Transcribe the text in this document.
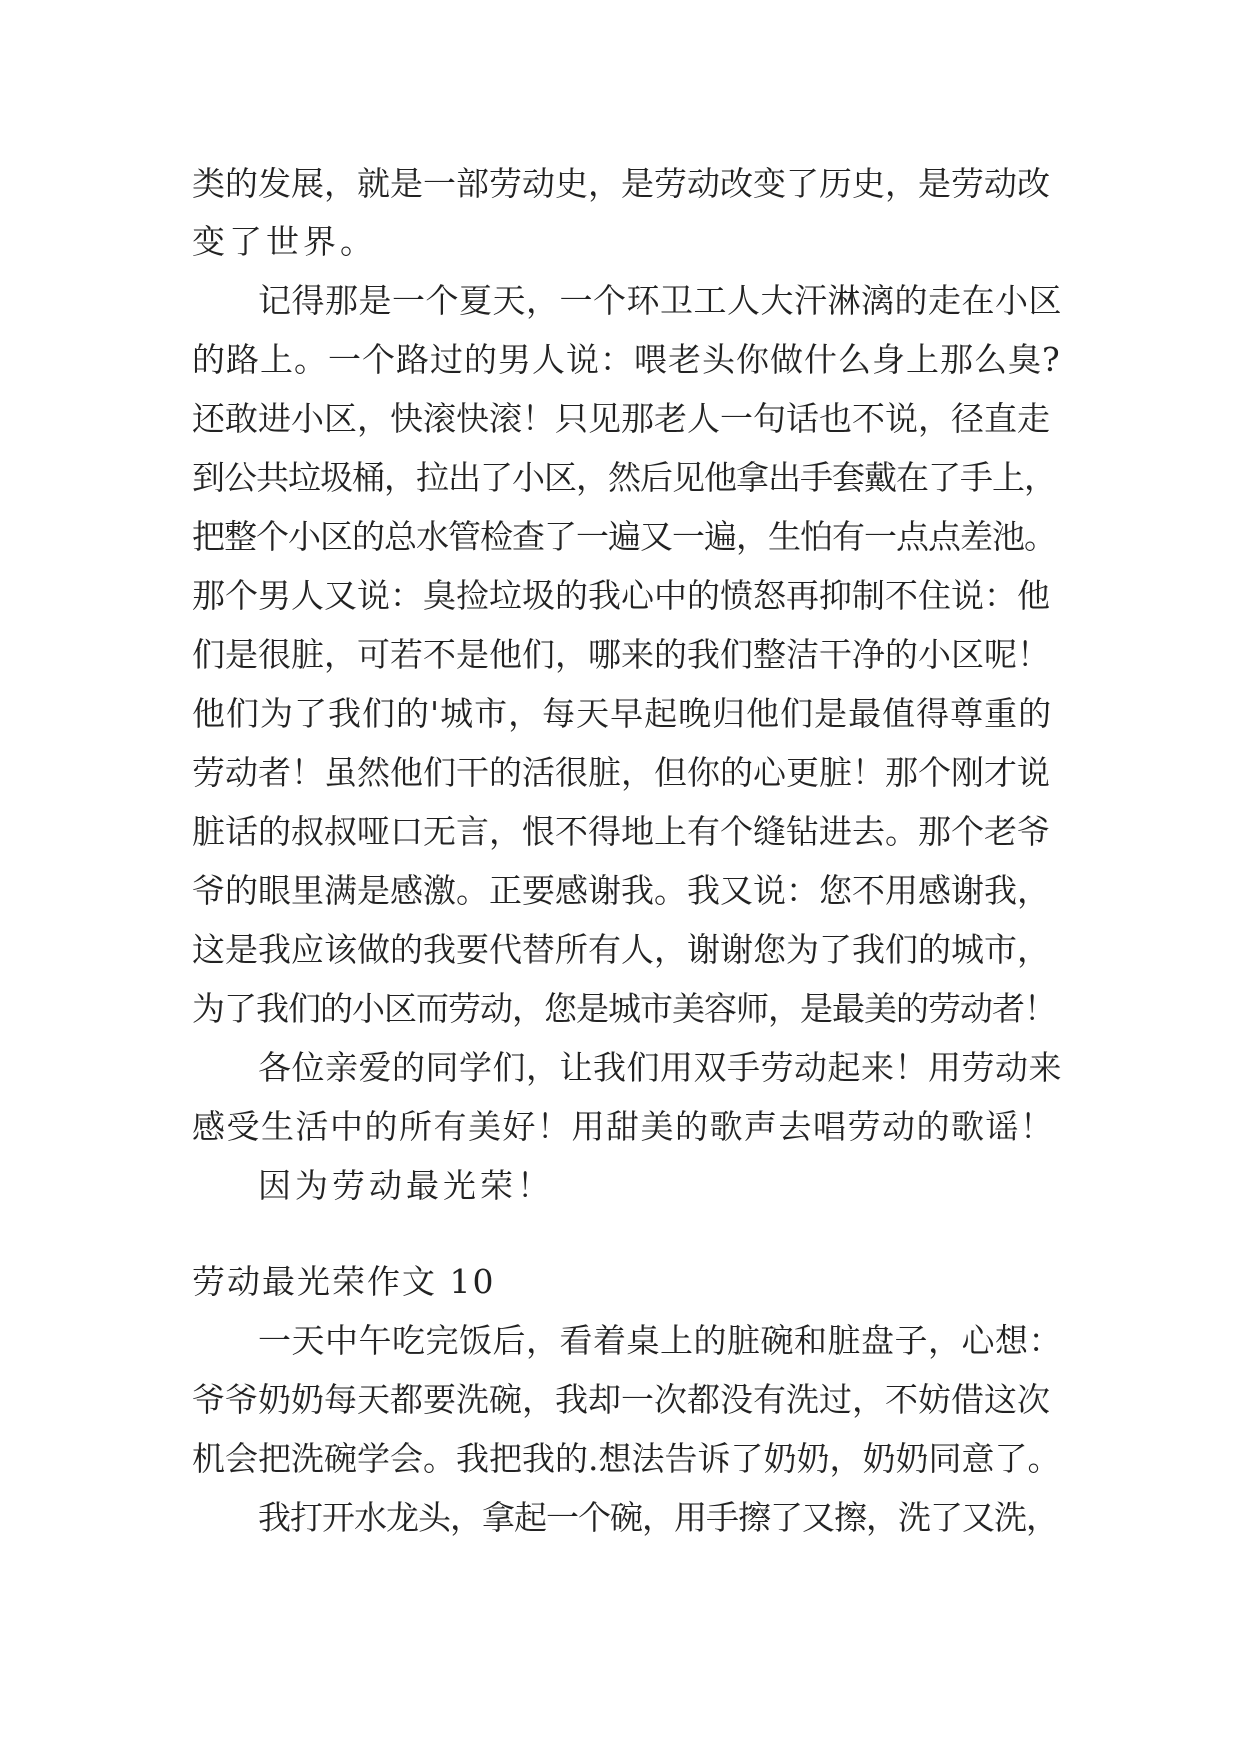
类的发展，就是一部劳动史，是劳动改变了历史，是劳动改
变了世界。
记得那是一个夏天，一个环卫工人大汗淋漓的走在小区
的路上。一个路过的男人说：喂老头你做什么身上那么臭?
还敢进小区，快滚快滚！只见那老人一句话也不说，径直走
到公共垃圾桶，拉出了小区，然后见他拿出手套戴在了手上，
把整个小区的总水管检查了一遍又一遍，生怕有一点点差池。
那个男人又说：臭捡垃圾的我心中的愤怒再抑制不住说：他
们是很脏，可若不是他们，哪来的我们整洁干净的小区呢！
他们为了我们的'城市，每天早起晚归他们是最值得尊重的
劳动者！虽然他们干的活很脏，但你的心更脏！那个刚才说
脏话的叔叔哑口无言，恨不得地上有个缝钻进去。那个老爷
爷的眼里满是感激。正要感谢我。我又说：您不用感谢我，
这是我应该做的我要代替所有人，谢谢您为了我们的城市，
为了我们的小区而劳动，您是城市美容师，是最美的劳动者！
各位亲爱的同学们，让我们用双手劳动起来！用劳动来
感受生活中的所有美好！用甜美的歌声去唱劳动的歌谣！
因为劳动最光荣！
劳动最光荣作文 10
一天中午吃完饭后，看着桌上的脏碗和脏盘子，心想：
爷爷奶奶每天都要洗碗，我却一次都没有洗过，不妨借这次
机会把洗碗学会。我把我的.想法告诉了奶奶，奶奶同意了。
我打开水龙头，拿起一个碗，用手擦了又擦，洗了又洗，
